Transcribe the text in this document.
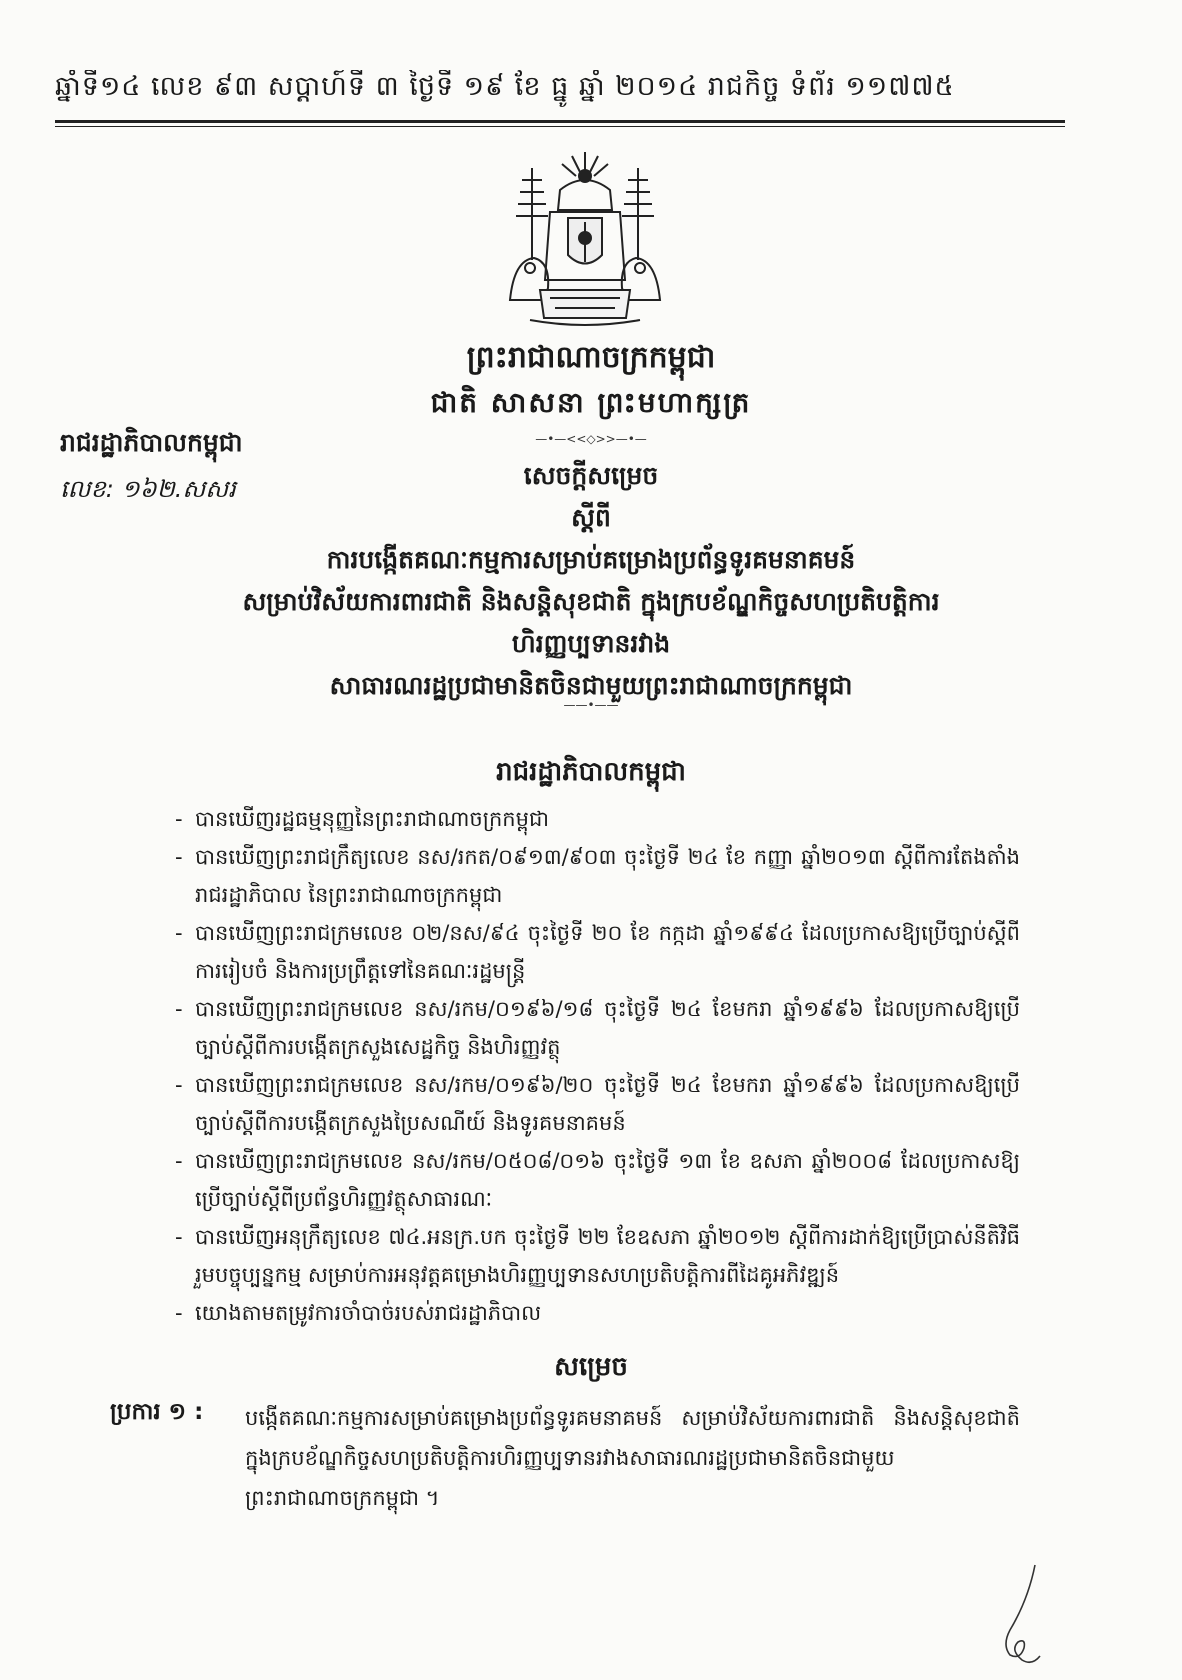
ឆ្នាំទី១៤ លេខ ៩៣ សប្តាហ៍ទី ៣ ថ្ងៃទី ១៩ ខែ ធ្នូ ឆ្នាំ ២០១៤ រាជកិច្ច ទំព័រ ១១៧៧៥
ព្រះរាជាណាចក្រកម្ពុជា
ជាតិ សាសនា ព្រះមហាក្សត្រ
—•—<<◇>>—•—
រាជរដ្ឋាភិបាលកម្ពុជា
លេខ: ១៦២.សសរ	សេចក្តីសម្រេច
ស្តីពី
ការបង្កើតគណៈកម្មការសម្រាប់គម្រោងប្រព័ន្ធទូរគមនាគមន៍
សម្រាប់វិស័យការពារជាតិ និងសន្តិសុខជាតិ ក្នុងក្របខ័ណ្ឌកិច្ចសហប្រតិបត្តិការ
ហិរញ្ញប្បទានរវាង
សាធារណរដ្ឋប្រជាមានិតចិនជាមួយព្រះរាជាណាចក្រកម្ពុជា
——•——
រាជរដ្ឋាភិបាលកម្ពុជា
- បានឃើញរដ្ឋធម្មនុញ្ញនៃព្រះរាជាណាចក្រកម្ពុជា
- បានឃើញព្រះរាជក្រឹត្យលេខ នស/រកត/០៩១៣/៩០៣ ចុះថ្ងៃទី ២៤ ខែ កញ្ញា ឆ្នាំ២០១៣ ស្តីពីការតែងតាំងរាជរដ្ឋាភិបាល នៃព្រះរាជាណាចក្រកម្ពុជា
- បានឃើញព្រះរាជក្រមលេខ ០២/នស/៩៤ ចុះថ្ងៃទី ២០ ខែ កក្កដា ឆ្នាំ១៩៩៤ ដែលប្រកាសឱ្យប្រើច្បាប់ស្តីពីការរៀបចំ និងការប្រព្រឹត្តទៅនៃគណៈរដ្ឋមន្ត្រី
- បានឃើញព្រះរាជក្រមលេខ នស/រកម/០១៩៦/១៨ ចុះថ្ងៃទី ២៤ ខែមករា ឆ្នាំ១៩៩៦ ដែលប្រកាសឱ្យប្រើច្បាប់ស្តីពីការបង្កើតក្រសួងសេដ្ឋកិច្ច និងហិរញ្ញវត្ថុ
- បានឃើញព្រះរាជក្រមលេខ នស/រកម/០១៩៦/២០ ចុះថ្ងៃទី ២៤ ខែមករា ឆ្នាំ១៩៩៦ ដែលប្រកាសឱ្យប្រើច្បាប់ស្តីពីការបង្កើតក្រសួងប្រៃសណីយ៍ និងទូរគមនាគមន៍
- បានឃើញព្រះរាជក្រមលេខ នស/រកម/០៥០៨/០១៦ ចុះថ្ងៃទី ១៣ ខែ ឧសភា ឆ្នាំ២០០៨ ដែលប្រកាសឱ្យប្រើច្បាប់ស្តីពីប្រព័ន្ធហិរញ្ញវត្ថុសាធារណៈ
- បានឃើញអនុក្រឹត្យលេខ ៧៤.អនក្រ.បក ចុះថ្ងៃទី ២២ ខែឧសភា ឆ្នាំ២០១២ ស្តីពីការដាក់ឱ្យប្រើប្រាស់នីតិវិធីរួមបច្ចុប្បន្នកម្ម សម្រាប់ការអនុវត្តគម្រោងហិរញ្ញប្បទានសហប្រតិបត្តិការពីដៃគូអភិវឌ្ឍន៍
- យោងតាមតម្រូវការចាំបាច់របស់រាជរដ្ឋាភិបាល
សម្រេច
ប្រការ ១ : បង្កើតគណៈកម្មការសម្រាប់គម្រោងប្រព័ន្ធទូរគមនាគមន៍ សម្រាប់វិស័យការពារជាតិ និងសន្តិសុខជាតិ ក្នុងក្របខ័ណ្ឌកិច្ចសហប្រតិបត្តិការហិរញ្ញប្បទានរវាងសាធារណរដ្ឋប្រជាមានិតចិនជាមួយព្រះរាជាណាចក្រកម្ពុជា ។
